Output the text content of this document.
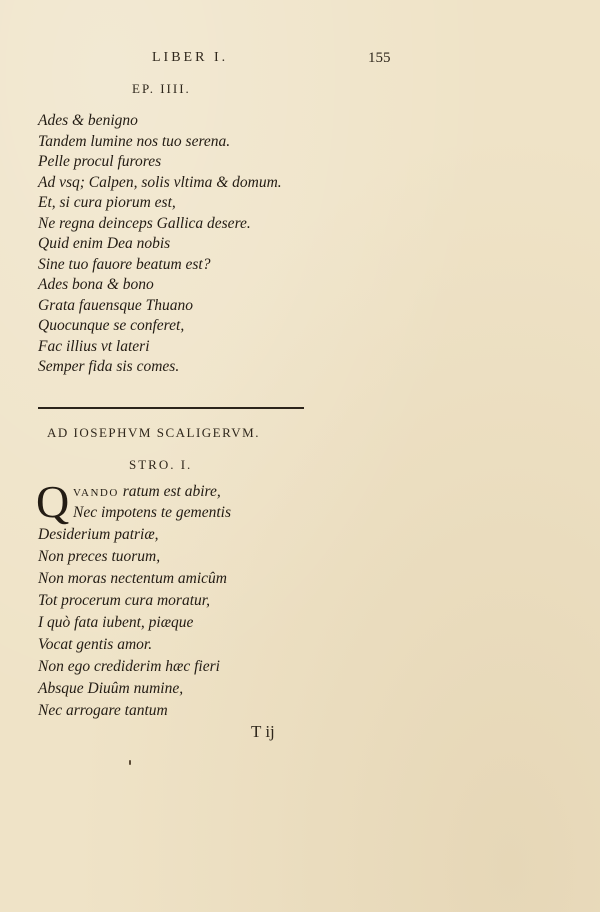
LIBER I.	155
EP. IIII.
Ades & benigno
Tandem lumine nos tuo serena.
Pelle procul furores
Ad vsq; Calpen, solis vltima & domum.
Et, si cura piorum est,
Ne regna deinceps Gallica desere.
Quid enim Dea nobis
Sine tuo fauore beatum est?
Ades bona & bono
Grata fauensque Thuano
Quocunque se conferet,
Fac illius vt lateri
Semper fida sis comes.
AD IOSEPHVM SCALIGERVM.
STRO. I.
Q VANDO ratum est abire,
Nec impotens te gementis
Desiderium patriæ,
Non preces tuorum,
Non moras nectentum amicûm
Tot procerum cura moratur,
I quò fata iubent, piæque
Vocat gentis amor.
Non ego crediderim hæc fieri
Absque Diuûm numine,
Nec arrogare tantum
T ij
